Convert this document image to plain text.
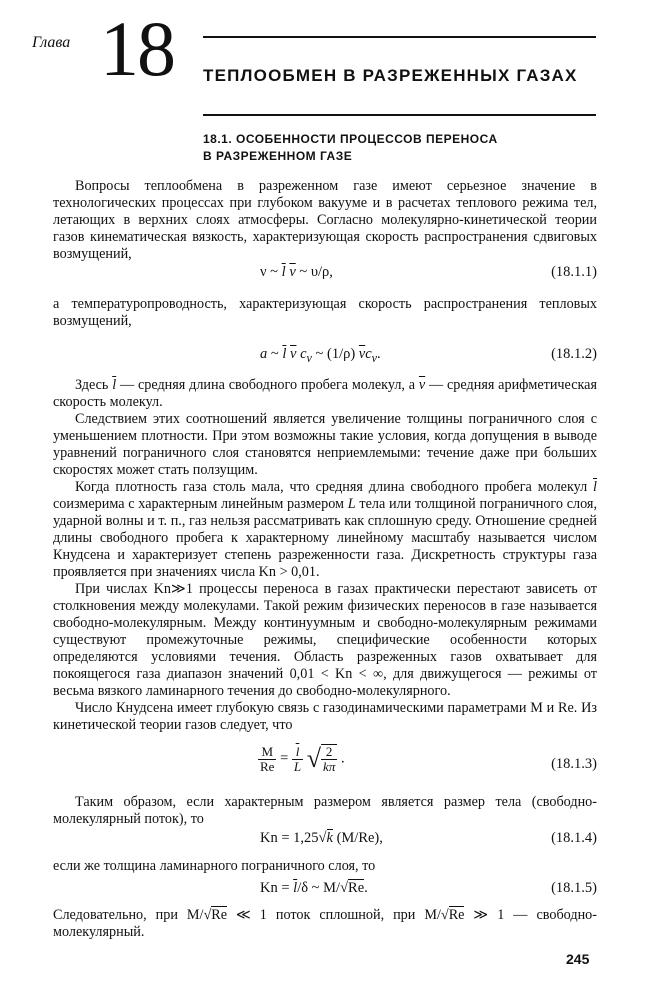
Глава 18 ТЕПЛООБМЕН В РАЗРЕЖЕННЫХ ГАЗАХ
18.1. ОСОБЕННОСТИ ПРОЦЕССОВ ПЕРЕНОСА
В РАЗРЕЖЕННОМ ГАЗЕ

Вопросы теплообмена в разреженном газе имеют серьезное значение в технологических процессах при глубоком вакууме и в расчетах теплового режима тел, летающих в верхних слоях атмосферы. Согласно молекулярно-кинетической теории газов кинематическая вязкость, характеризующая скорость распространения сдвиговых возмущений,

ν ~ $\overline{l}$ $\overline{v}$ ~ υ/ρ,	(18.1.1)

а температуропроводность, характеризующая скорость распространения тепловых возмущений,

a ~ $\overline{l}$ $\overline{v}$ $c_v$ ~ (1/ρ) $\overline{v}c_v$.	(18.1.2)

Здесь $\overline{l}$ — средняя длина свободного пробега молекул, а $\overline{v}$ — средняя арифметическая скорость молекул.

Следствием этих соотношений является увеличение толщины пограничного слоя с уменьшением плотности. При этом возможны такие условия, когда допущения в выводе уравнений пограничного слоя становятся неприемлемыми: течение даже при больших скоростях может стать ползущим.

Когда плотность газа столь мала, что средняя длина свободного пробега молекул $\overline{l}$ соизмерима с характерным линейным размером L тела или толщиной пограничного слоя, ударной волны и т. п., газ нельзя рассматривать как сплошную среду. Отношение средней длины свободного пробега к характерному линейному масштабу называется числом Кнудсена и характеризует степень разреженности газа. Дискретность структуры газа проявляется при значениях числа Kn > 0,01.

При числах Kn≫1 процессы переноса в газах практически перестают зависеть от столкновения между молекулами. Такой режим физических переносов в газе называется свободно-молекулярным. Между континуумным и свободно-молекулярным режимами существуют промежуточные режимы, специфические особенности которых определяются условиями течения. Область разреженных газов охватывает для покоящегося газа диапазон значений 0,01 < Kn < ∞, для движущегося — режимы от весьма вязкого ламинарного течения до свободно-молекулярного.

Число Кнудсена имеет глубокую связь с газодинамическими параметрами M и Re. Из кинетической теории газов следует, что

$\frac{M}{Re} = \frac{\overline{l}}{L}$ √ $\frac{2}{k\pi}$ .	(18.1.3)

Таким образом, если характерным размером является размер тела (свободно-молекулярный поток), то

Kn = 1,25√k (M/Re),	(18.1.4)

если же толщина ламинарного пограничного слоя, то

$Kn = \overline{l}/\delta$ ~ M/√Re.	(18.1.5)

Следовательно, при M/√Re ≪ 1 поток сплошной, при M/√Re ≫ 1 — свободно-молекулярный.

245
